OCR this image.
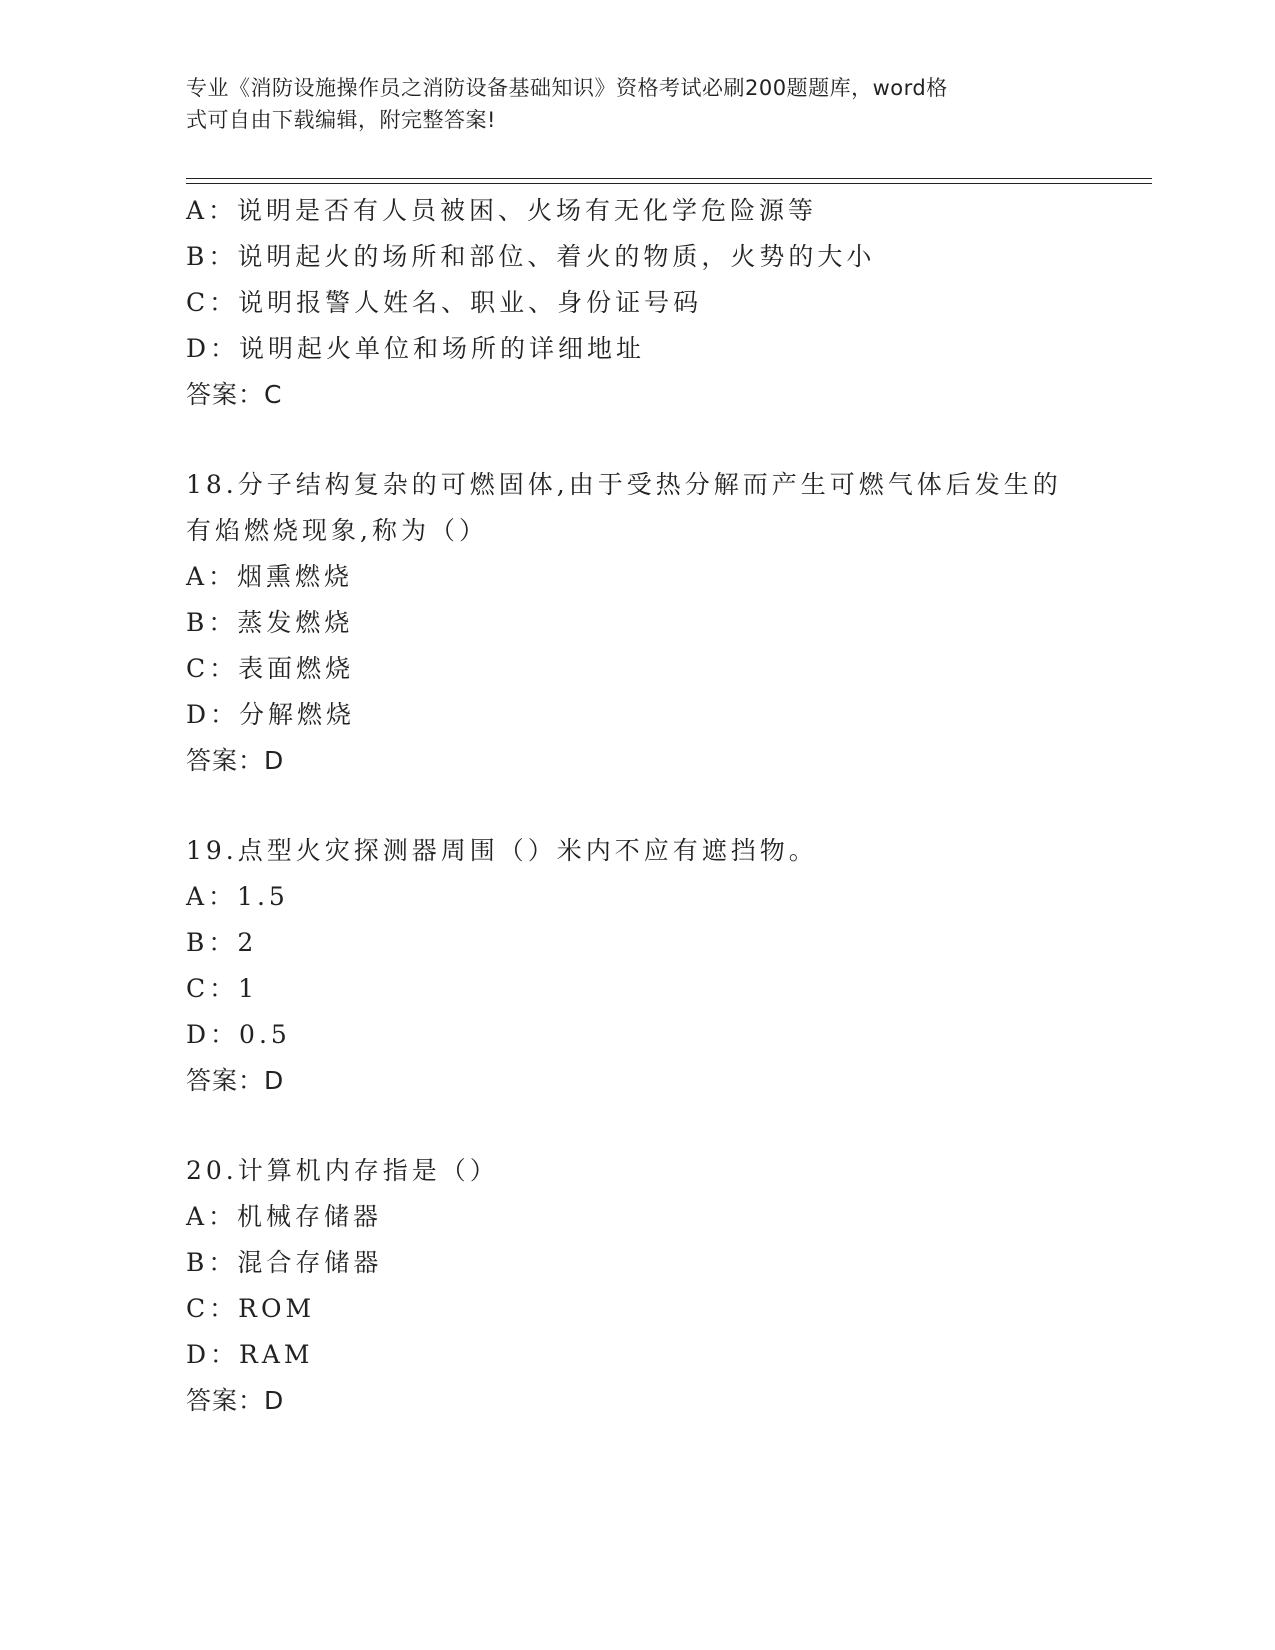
专业《消防设施操作员之消防设备基础知识》资格考试必刷200题题库，word格
式可自由下载编辑，附完整答案!
A：说明是否有人员被困、火场有无化学危险源等
B：说明起火的场所和部位、着火的物质，火势的大小
C：说明报警人姓名、职业、身份证号码
D：说明起火单位和场所的详细地址
答案：C
18.分子结构复杂的可燃固体,由于受热分解而产生可燃气体后发生的
有焰燃烧现象,称为（）
A：烟熏燃烧
B：蒸发燃烧
C：表面燃烧
D：分解燃烧
答案：D
19.点型火灾探测器周围（）米内不应有遮挡物。
A：1.5
B：2
C：1
D：0.5
答案：D
20.计算机内存指是（）
A：机械存储器
B：混合存储器
C：ROM
D：RAM
答案：D
